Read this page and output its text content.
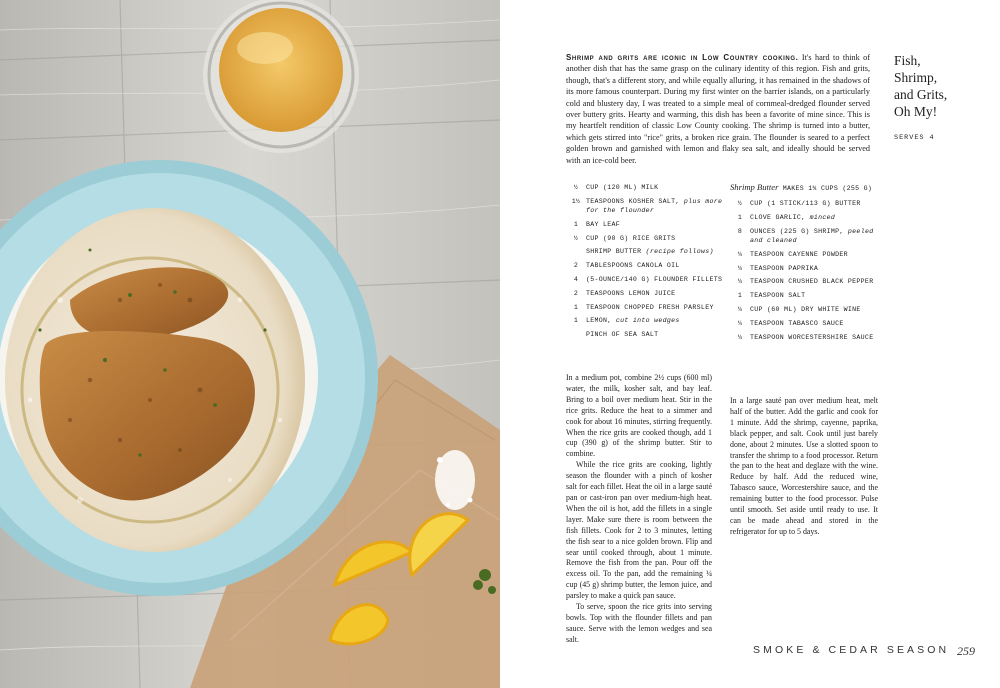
Shrimp and grits are iconic in Low Country cooking. It's hard to think of another dish that has the same grasp on the culinary identity of this region. Fish and grits, though, that's a different story, and while equally alluring, it has remained in the shadows of its more famous counterpart. During my first winter on the barrier islands, on a particularly cold and blustery day, I was treated to a simple meal of cornmeal-dredged flounder served over buttery grits. Hearty and warming, this dish has been a favorite of mine since. This is my heartfelt rendition of classic Low County cooking. The shrimp is turned into a butter, which gets stirred into "rice" grits, a broken rice grain. The flounder is seared to a perfect golden brown and garnished with lemon and flaky sea salt, and ideally should be served with an ice-cold beer.
Fish,
Shrimp,
and Grits,
Oh My!
SERVES 4
½	CUP (120 ML) MILK
1½ TEASPOONS KOSHER SALT, plus more for the flounder
1	BAY LEAF
½	CUP (90 G) RICE GRITS
SHRIMP BUTTER (recipe follows)
2	TABLESPOONS CANOLA OIL
4	(5-OUNCE/140 G) FLOUNDER FILLETS
2	TEASPOONS LEMON JUICE
1	TEASPOON CHOPPED FRESH PARSLEY
1	LEMON, cut into wedges
PINCH OF SEA SALT
Shrimp Butter MAKES 1¾ CUPS (255 G)
½	CUP (1 STICK/113 G) BUTTER
1	CLOVE GARLIC, minced
8	OUNCES (225 G) SHRIMP, peeled and cleaned
¼	TEASPOON CAYENNE POWDER
¼	TEASPOON PAPRIKA
¼	TEASPOON CRUSHED BLACK PEPPER
1	TEASPOON SALT
¼	CUP (60 ML) DRY WHITE WINE
¼	TEASPOON TABASCO SAUCE
¼	TEASPOON WORCESTERSHIRE SAUCE

In a medium pot, combine 2½ cups (600 ml) water, the milk, kosher salt, and bay leaf. Bring to a boil over medium heat. Stir in the rice grits. Reduce the heat to a simmer and cook for about 16 minutes, stirring frequently. When the rice grits are cooked though, add 1 cup (390 g) of the shrimp butter. Stir to combine.

While the rice grits are cooking, lightly season the flounder with a pinch of kosher salt for each fillet. Heat the oil in a large sauté pan or cast-iron pan over medium-high heat. When the oil is hot, add the fillets in a single layer. Make sure there is room between the fish fillets. Cook for 2 to 3 minutes, letting the fish sear to a nice golden brown. Flip and sear until cooked through, about 1 minute. Remove the fish from the pan. Pour off the excess oil. To the pan, add the remaining ¼ cup (45 g) shrimp butter, the lemon juice, and parsley to make a quick pan sauce.

To serve, spoon the rice grits into serving bowls. Top with the flounder fillets and pan sauce. Serve with the lemon wedges and sea salt.

In a large sauté pan over medium heat, melt half of the butter. Add the garlic and cook for 1 minute. Add the shrimp, cayenne, paprika, black pepper, and salt. Cook until just barely done, about 2 minutes. Use a slotted spoon to transfer the shrimp to a food processor. Return the pan to the heat and deglaze with the wine. Reduce by half. Add the reduced wine, Tabasco sauce, Worcestershire sauce, and the remaining butter to the food processor. Pulse until smooth. Set aside until ready to use. It can be made ahead and stored in the refrigerator for up to 5 days.

SMOKE & CEDAR SEASON 259
